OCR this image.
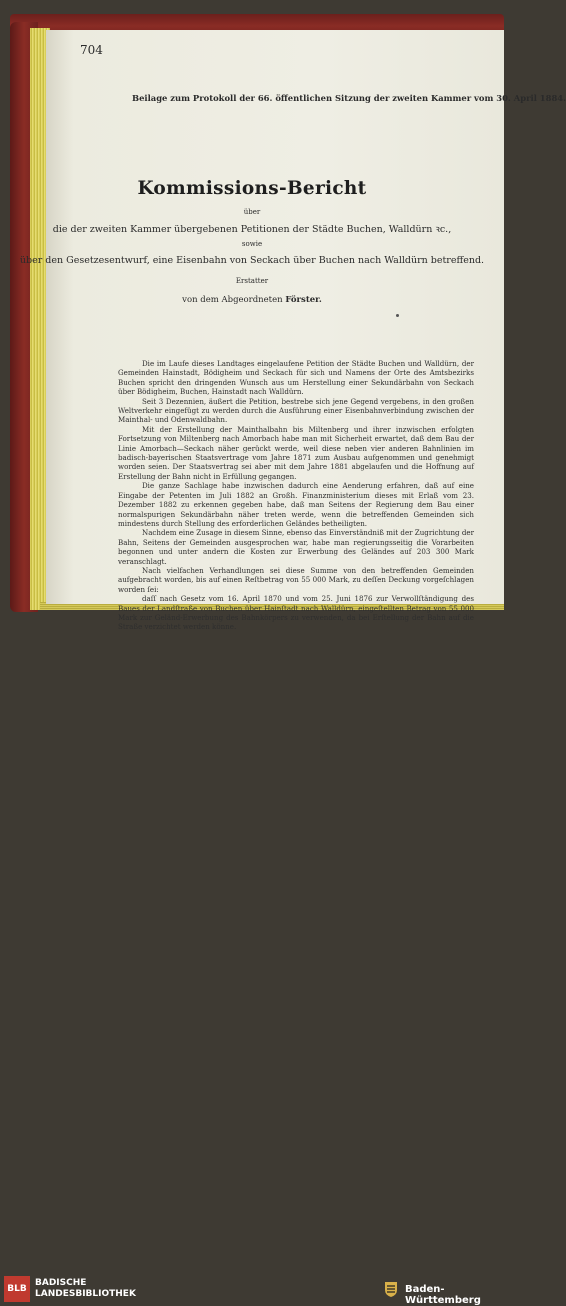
704
Beilage zum Protokoll der 66. öffentlichen Sitzung der zweiten Kammer vom 30. April 1884.
Kommissions-Bericht
über
die der zweiten Kammer übergebenen Petitionen der Städte Buchen, Walldürn ꝛc.,
sowie
über den Gesetzesentwurf, eine Eisenbahn von Seckach über Buchen nach Walldürn betreffend.
Erstatter
von dem Abgeordneten Förster.

Die im Laufe dieses Landtages eingelaufene Petition der Städte Buchen und Walldürn, der Gemeinden Hainstadt, Bödigheim und Seckach für sich und Namens der Orte des Amtsbezirks Buchen spricht den dringenden Wunsch aus um Herstellung einer Sekundärbahn von Seckach über Bödigheim, Buchen, Hainstadt nach Walldürn.

Seit 3 Dezennien, äußert die Petition, bestrebe sich jene Gegend vergebens, in den großen Weltverkehr eingefügt zu werden durch die Ausführung einer Eisenbahnverbindung zwischen der Mainthal- und Odenwaldbahn.

Mit der Erstellung der Mainthalbahn bis Miltenberg und ihrer inzwischen erfolgten Fortsetzung von Miltenberg nach Amorbach habe man mit Sicherheit erwartet, daß dem Bau der Linie Amorbach—Seckach näher gerückt werde, weil diese neben vier anderen Bahnlinien im badisch-bayerischen Staatsvertrage vom Jahre 1871 zum Ausbau aufgenommen und genehmigt worden seien. Der Staatsvertrag sei aber mit dem Jahre 1881 abgelaufen und die Hoffnung auf Erstellung der Bahn nicht in Erfüllung gegangen.

Die ganze Sachlage habe inzwischen dadurch eine Aenderung erfahren, daß auf eine Eingabe der Petenten im Juli 1882 an Großh. Finanzministerium dieses mit Erlaß vom 23. Dezember 1882 zu erkennen gegeben habe, daß man Seitens der Regierung dem Bau einer normalspurigen Sekundärbahn näher treten werde, wenn die betreffenden Gemeinden sich mindestens durch Stellung des erforderlichen Geländes betheiligten.

Nachdem eine Zusage in diesem Sinne, ebenso das Einverständniß mit der Zugrichtung der Bahn, Seitens der Gemeinden ausgesprochen war, habe man regierungsseitig die Vorarbeiten begonnen und unter andern die Kosten zur Erwerbung des Geländes auf 203 300 Mark veranschlagt.

Nach vielfachen Verhandlungen sei diese Summe von den betreffenden Gemeinden aufgebracht worden, bis auf einen Reſtbetrag von 55 000 Mark, zu deſſen Deckung vorgeſchlagen worden ſei:

daſſ nach Gesetz vom 16. April 1870 und vom 25. Juni 1876 zur Verwollſtändigung des Baues der Landſtraße von Buchen über Hainſtadt nach Walldürn, eingeſtellten Betrag von 55 000 Mark zur Geländ-Erwerbung des Bahnkörpers zu verwenden, da bei Erſtellung der Bahn auf die Straße verzichtet werden könne.

BLB
BADISCHE
LANDESBIBLIOTHEK	Baden-Württemberg
